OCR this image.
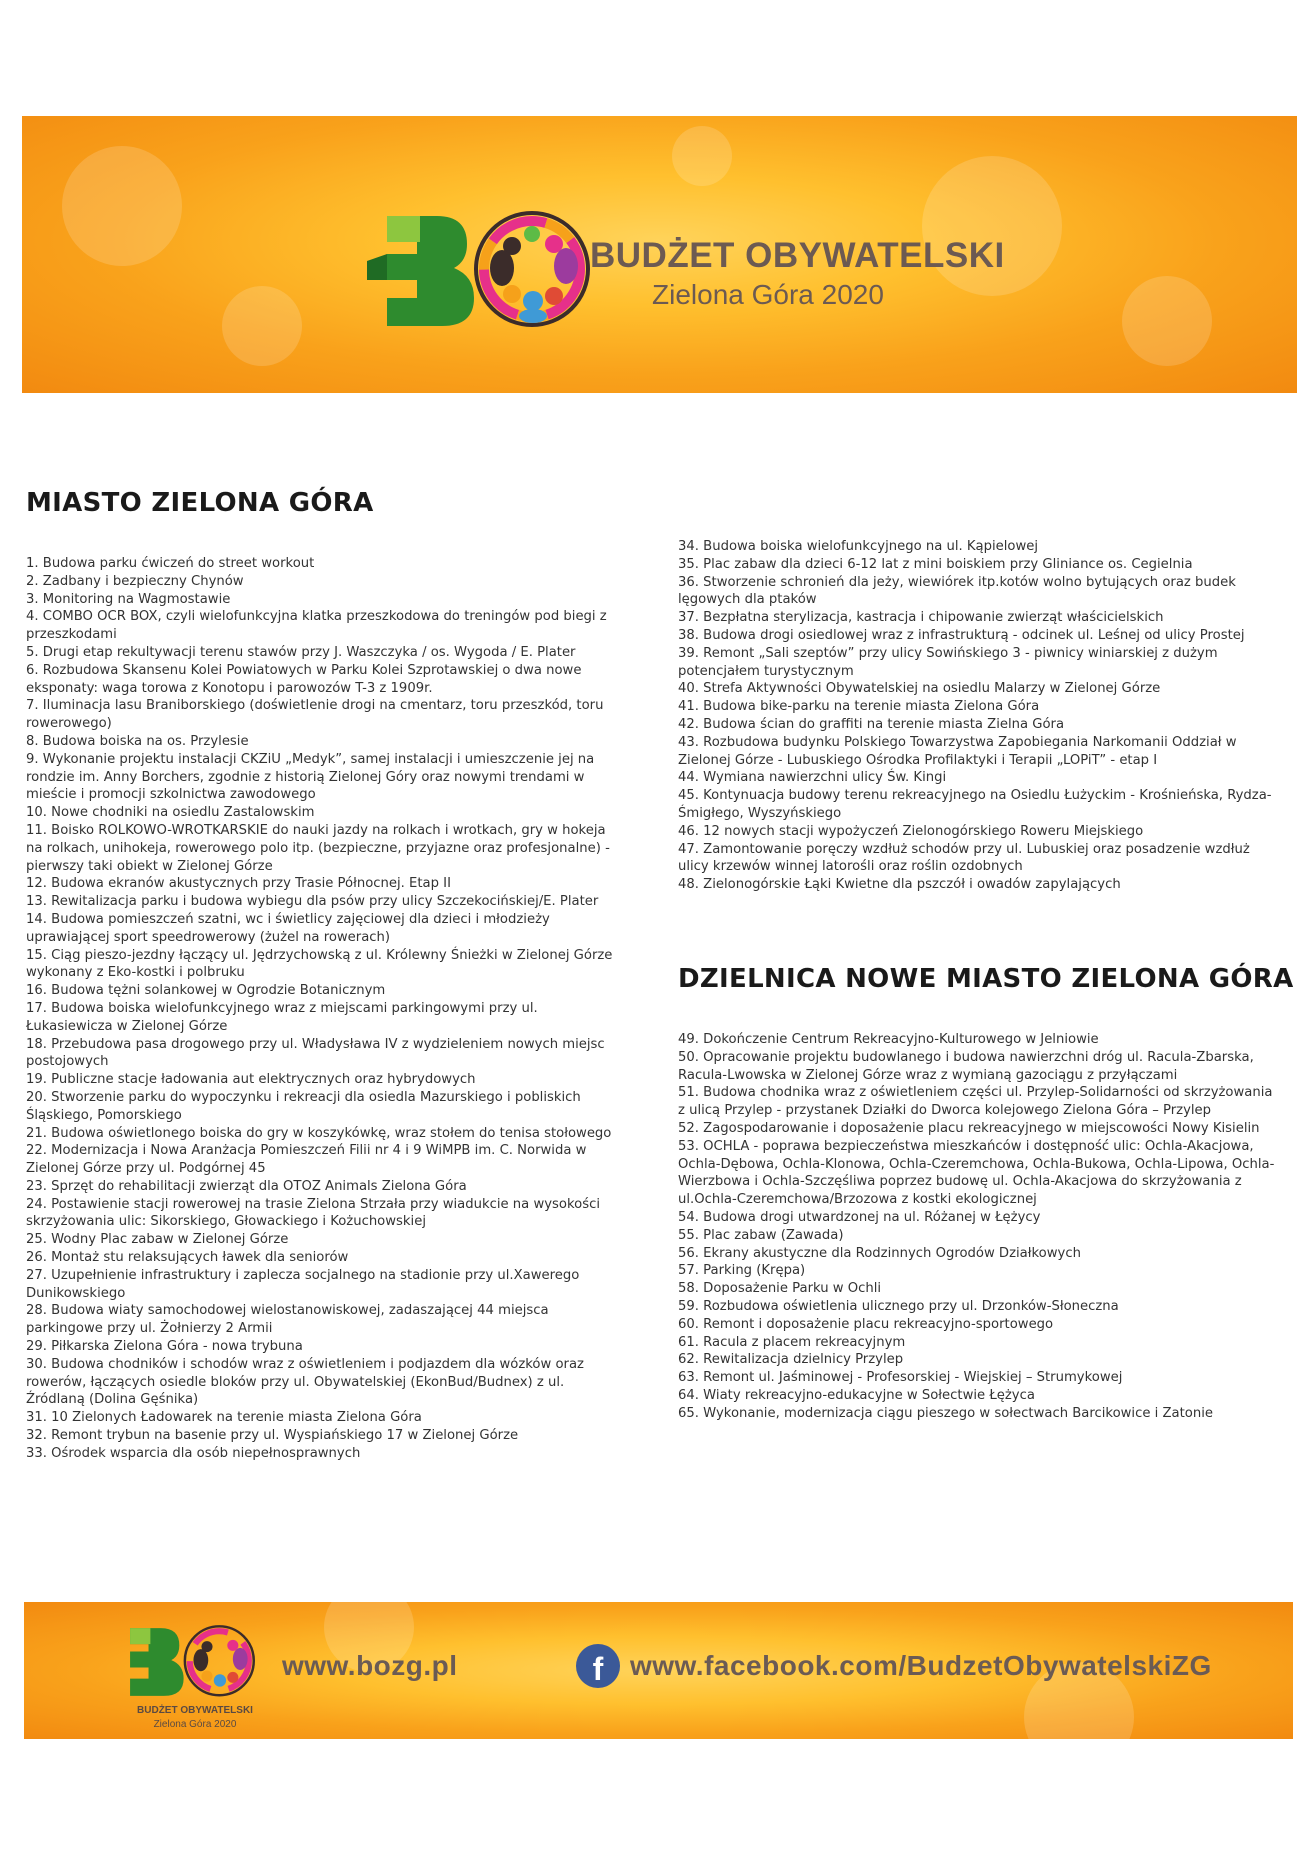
BUDŻET OBYWATELSKI
Zielona Góra 2020
MIASTO ZIELONA GÓRA
1. Budowa parku ćwiczeń do street workout
2. Zadbany i bezpieczny Chynów
3. Monitoring na Wagmostawie
4. COMBO OCR BOX, czyli wielofunkcyjna klatka przeszkodowa do treningów pod biegi z przeszkodami
5. Drugi etap rekultywacji terenu stawów przy J. Waszczyka / os. Wygoda / E. Plater
6. Rozbudowa Skansenu Kolei Powiatowych w Parku Kolei Szprotawskiej o dwa nowe eksponaty: waga torowa z Konotopu i parowozów T-3 z 1909r.
7. Iluminacja lasu Braniborskiego (doświetlenie drogi na cmentarz, toru przeszkód, toru rowerowego)
8. Budowa boiska na os. Przylesie
9. Wykonanie projektu instalacji CKZiU „Medyk”, samej instalacji i umieszczenie jej na rondzie im. Anny Borchers, zgodnie z historią Zielonej Góry oraz nowymi trendami w mieście i promocji szkolnictwa zawodowego
10. Nowe chodniki na osiedlu Zastalowskim
11. Boisko ROLKOWO-WROTKARSKIE do nauki jazdy na rolkach i wrotkach, gry w hokeja na rolkach, unihokeja, rowerowego polo itp. (bezpieczne, przyjazne oraz profesjonalne) - pierwszy taki obiekt w Zielonej Górze
12. Budowa ekranów akustycznych przy Trasie Północnej. Etap II
13. Rewitalizacja parku i budowa wybiegu dla psów przy ulicy Szczekocińskiej/E. Plater
14. Budowa pomieszczeń szatni, wc i świetlicy zajęciowej dla dzieci i młodzieży uprawiającej sport speedrowerowy (żużel na rowerach)
15. Ciąg pieszo-jezdny łączący ul. Jędrzychowską z ul. Królewny Śnieżki w Zielonej Górze wykonany z Eko-kostki i polbruku
16. Budowa tężni solankowej w Ogrodzie Botanicznym
17. Budowa boiska wielofunkcyjnego wraz z miejscami parkingowymi przy ul. Łukasiewicza w Zielonej Górze
18. Przebudowa pasa drogowego przy ul. Władysława IV z wydzieleniem nowych miejsc postojowych
19. Publiczne stacje ładowania aut elektrycznych oraz hybrydowych
20. Stworzenie parku do wypoczynku i rekreacji dla osiedla Mazurskiego i pobliskich Śląskiego, Pomorskiego
21. Budowa oświetlonego boiska do gry w koszykówkę, wraz stołem do tenisa stołowego
22. Modernizacja i Nowa Aranżacja Pomieszczeń Filii nr 4 i 9 WiMPB im. C. Norwida w Zielonej Górze przy ul. Podgórnej 45
23. Sprzęt do rehabilitacji zwierząt dla OTOZ Animals Zielona Góra
24. Postawienie stacji rowerowej na trasie Zielona Strzała przy wiadukcie na wysokości skrzyżowania ulic: Sikorskiego, Głowackiego i Kożuchowskiej
25. Wodny Plac zabaw w Zielonej Górze
26. Montaż stu relaksujących ławek dla seniorów
27. Uzupełnienie infrastruktury i zaplecza socjalnego na stadionie przy ul.Xawerego Dunikowskiego
28. Budowa wiaty samochodowej wielostanowiskowej, zadaszającej 44 miejsca parkingowe przy ul. Żołnierzy 2 Armii
29. Piłkarska Zielona Góra - nowa trybuna
30. Budowa chodników i schodów wraz z oświetleniem i podjazdem dla wózków oraz rowerów, łączących osiedle bloków przy ul. Obywatelskiej (EkonBud/Budnex) z ul. Źródlaną (Dolina Gęśnika)
31. 10 Zielonych Ładowarek na terenie miasta Zielona Góra
32. Remont trybun na basenie przy ul. Wyspiańskiego 17 w Zielonej Górze
33. Ośrodek wsparcia dla osób niepełnosprawnych
34. Budowa boiska wielofunkcyjnego na ul. Kąpielowej
35. Plac zabaw dla dzieci 6-12 lat z mini boiskiem przy Gliniance os. Cegielnia
36. Stworzenie schronień dla jeży, wiewiórek itp.kotów wolno bytujących oraz budek lęgowych dla ptaków
37. Bezpłatna sterylizacja, kastracja i chipowanie zwierząt właścicielskich
38. Budowa drogi osiedlowej wraz z infrastrukturą - odcinek ul. Leśnej od ulicy Prostej
39. Remont „Sali szeptów” przy ulicy Sowińskiego 3 - piwnicy winiarskiej z dużym potencjałem turystycznym
40. Strefa Aktywności Obywatelskiej na osiedlu Malarzy w Zielonej Górze
41. Budowa bike-parku na terenie miasta Zielona Góra
42. Budowa ścian do graffiti na terenie miasta Zielna Góra
43. Rozbudowa budynku Polskiego Towarzystwa Zapobiegania Narkomanii Oddział w Zielonej Górze - Lubuskiego Ośrodka Profilaktyki i Terapii „LOPiT” - etap I
44. Wymiana nawierzchni ulicy Św. Kingi
45. Kontynuacja budowy terenu rekreacyjnego na Osiedlu Łużyckim - Krośnieńska, Rydza-Śmigłego, Wyszyńskiego
46. 12 nowych stacji wypożyczeń Zielonogórskiego Roweru Miejskiego
47. Zamontowanie poręczy wzdłuż schodów przy ul. Lubuskiej oraz posadzenie wzdłuż ulicy krzewów winnej latorośli oraz roślin ozdobnych
48. Zielonogórskie Łąki Kwietne dla pszczół i owadów zapylających
DZIELNICA NOWE MIASTO ZIELONA GÓRA
49. Dokończenie Centrum Rekreacyjno-Kulturowego w Jelniowie
50. Opracowanie projektu budowlanego i budowa nawierzchni dróg ul. Racula-Zbarska, Racula-Lwowska w Zielonej Górze wraz z wymianą gazociągu z przyłączami
51. Budowa chodnika wraz z oświetleniem części ul. Przylep-Solidarności od skrzyżowania z ulicą Przylep - przystanek Działki do Dworca kolejowego Zielona Góra – Przylep
52. Zagospodarowanie i doposażenie placu rekreacyjnego w miejscowości Nowy Kisielin
53. OCHLA - poprawa bezpieczeństwa mieszkańców i dostępność ulic: Ochla-Akacjowa, Ochla-Dębowa, Ochla-Klonowa, Ochla-Czeremchowa, Ochla-Bukowa, Ochla-Lipowa, Ochla-Wierzbowa i Ochla-Szczęśliwa poprzez budowę ul. Ochla-Akacjowa do skrzyżowania z ul.Ochla-Czeremchowa/Brzozowa z kostki ekologicznej
54. Budowa drogi utwardzonej na ul. Różanej w Łężycy
55. Plac zabaw (Zawada)
56. Ekrany akustyczne dla Rodzinnych Ogrodów Działkowych
57. Parking (Krępa)
58. Doposażenie Parku w Ochli
59. Rozbudowa oświetlenia ulicznego przy ul. Drzonków-Słoneczna
60. Remont i doposażenie placu rekreacyjno-sportowego
61. Racula z placem rekreacyjnym
62. Rewitalizacja dzielnicy Przylep
63. Remont ul. Jaśminowej - Profesorskiej - Wiejskiej – Strumykowej
64. Wiaty rekreacyjno-edukacyjne w Sołectwie Łężyca
65. Wykonanie, modernizacja ciągu pieszego w sołectwach Barcikowice i Zatonie
BUDŻET OBYWATELSKI
Zielona Góra 2020
www.bozg.pl	f www.facebook.com/BudzetObywatelskiZG
